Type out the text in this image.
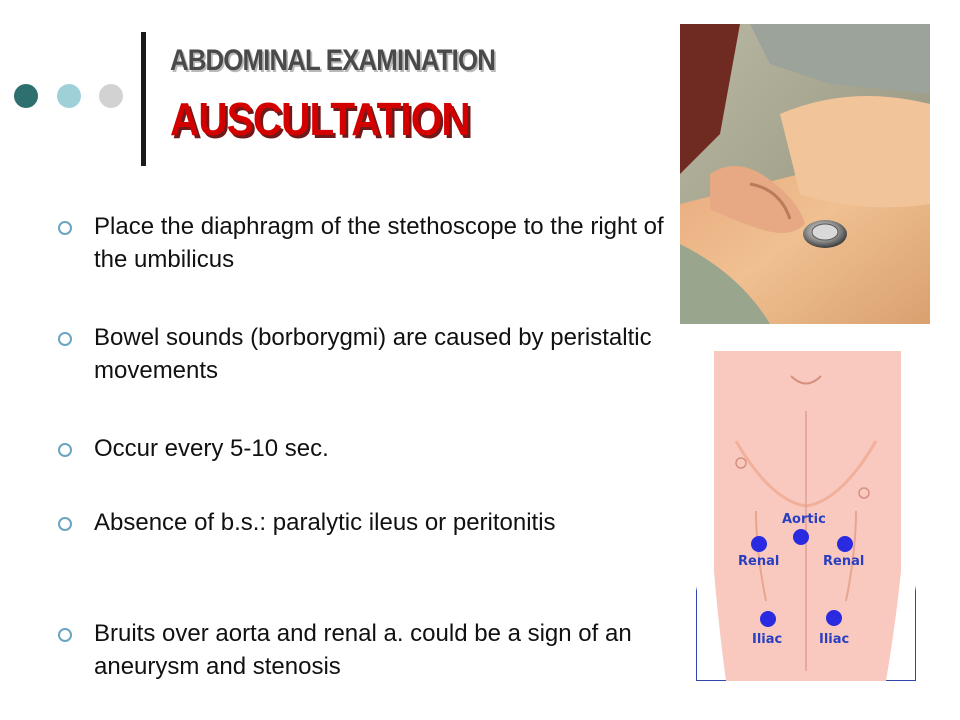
ABDOMINAL EXAMINATION
AUSCULTATION
Place the diaphragm of the stethoscope to the right of the umbilicus
Bowel sounds (borborygmi) are caused by peristaltic movements
Occur every 5-10 sec.
Absence of b.s.: paralytic ileus or peritonitis
Bruits over aorta and renal a. could be a sign of an aneurysm and stenosis
Aortic
Renal	Renal
Iliac	Iliac
